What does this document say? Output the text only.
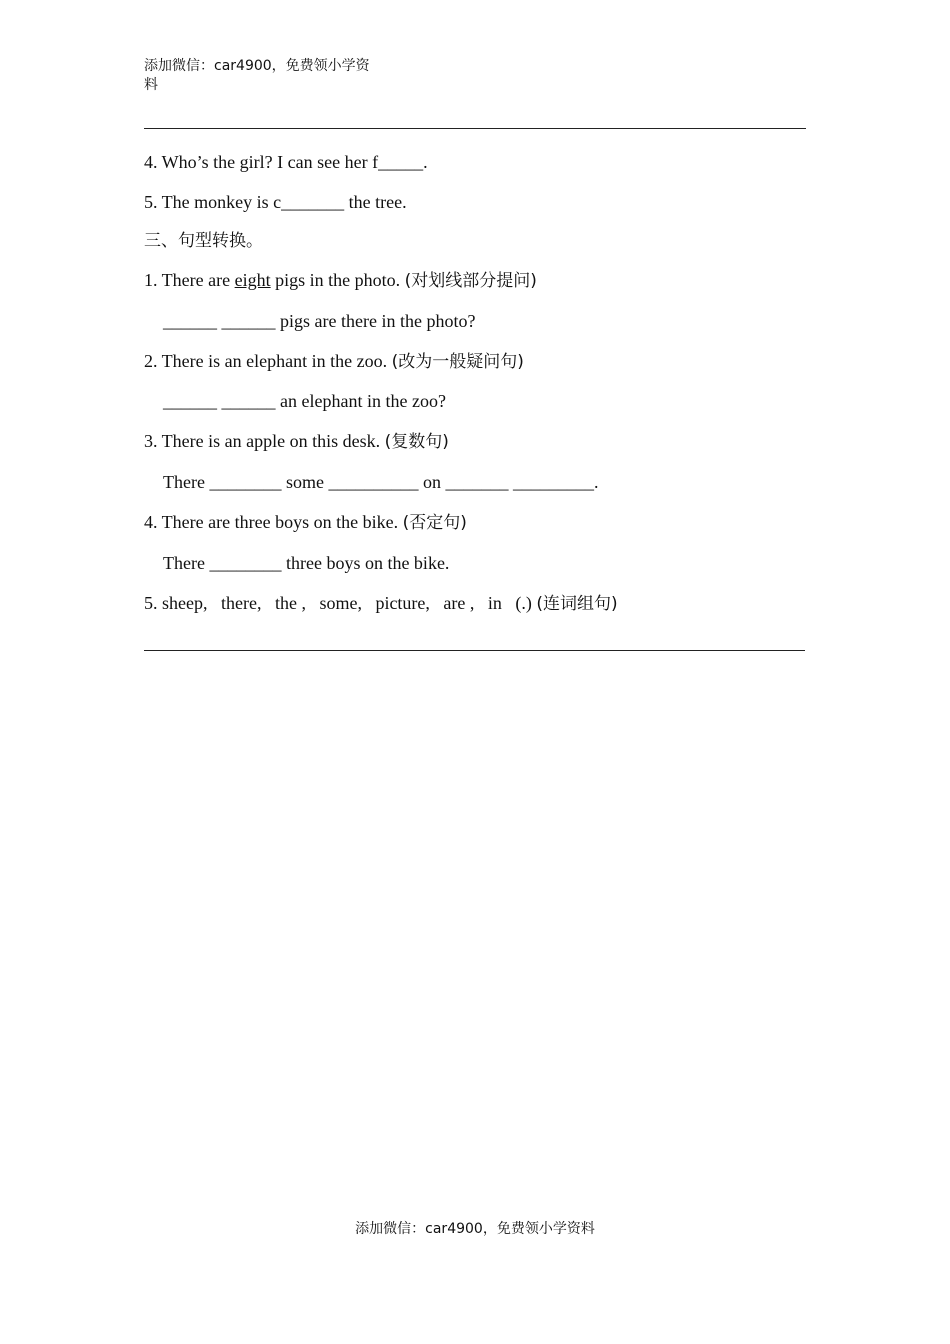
添加微信：car4900，免费领小学资
料
4. Who’s the girl? I can see her f_____.
5. The monkey is c_______ the tree.
三、句型转换。
1. There are eight pigs in the photo. (对划线部分提问)
______ ______ pigs are there in the photo?
2. There is an elephant in the zoo. (改为一般疑问句)
______ ______ an elephant in the zoo?
3. There is an apple on this desk. (复数句)
There ________ some __________ on _______ _________.
4. There are three boys on the bike. (否定句)
There ________ three boys on the bike.
5. sheep,   there,   the ,   some,   picture,   are ,   in   (.) (连词组句)
添加微信：car4900，免费领小学资料
